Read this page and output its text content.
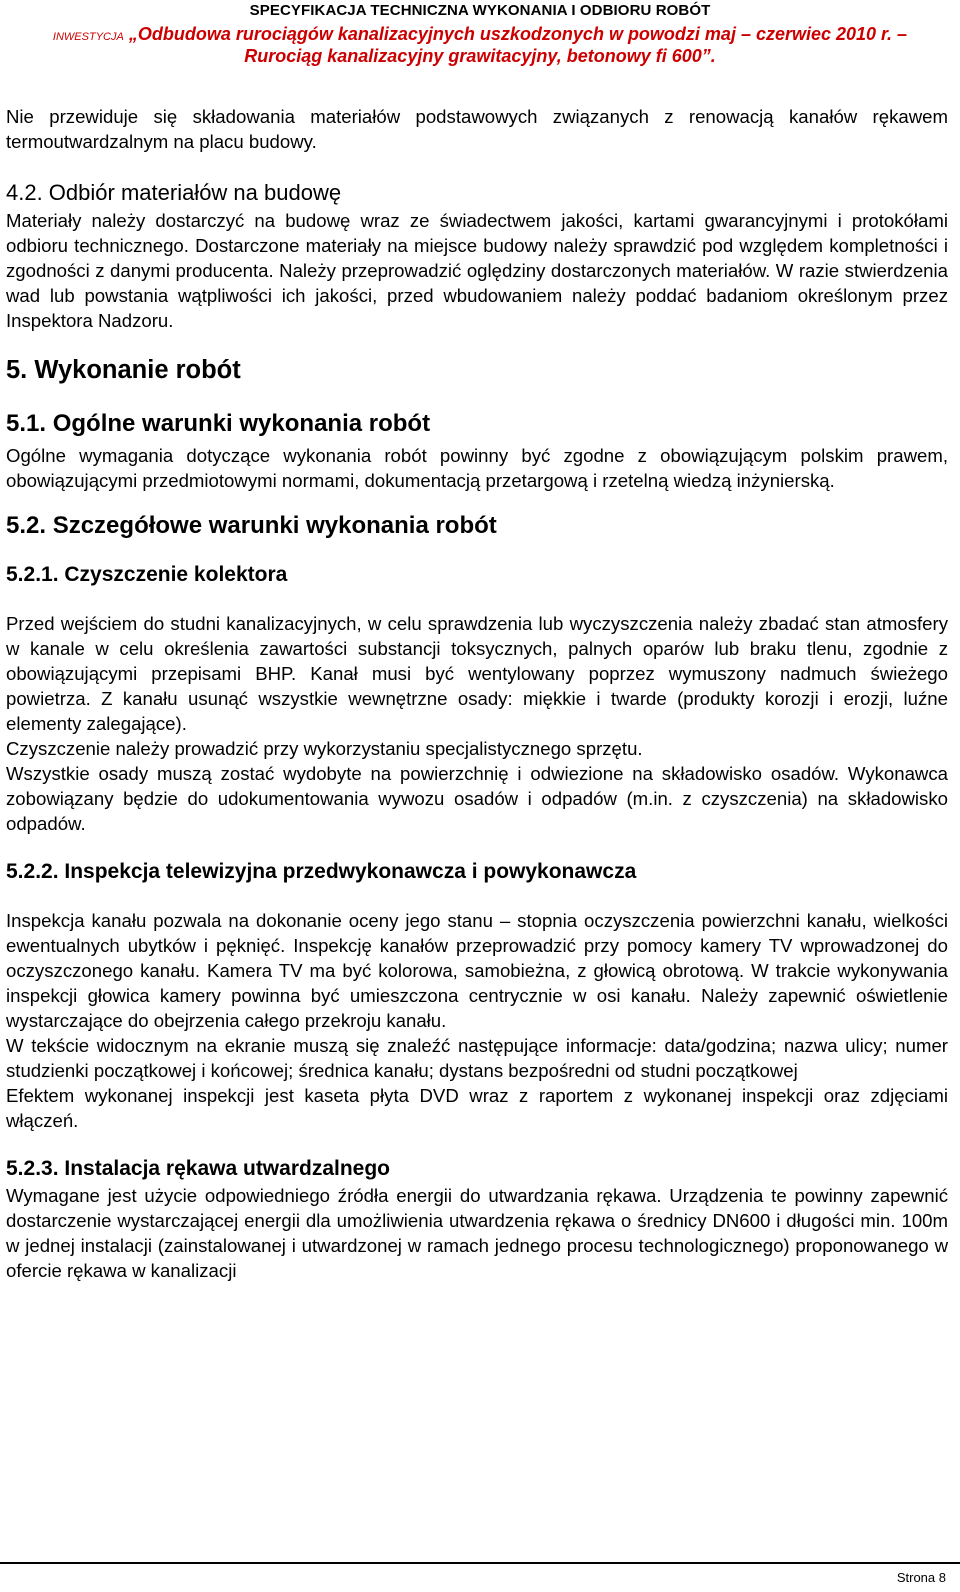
SPECYFIKACJA TECHNICZNA WYKONANIA I ODBIORU ROBÓT
INWESTYCJA „Odbudowa rurociągów kanalizacyjnych uszkodzonych w powodzi maj – czerwiec 2010 r. –
Rurociąg kanalizacyjny grawitacyjny, betonowy fi 600”.

Nie przewiduje się składowania materiałów podstawowych związanych z renowacją kanałów rękawem termoutwardzalnym na placu budowy.

4.2. Odbiór materiałów na budowę

Materiały należy dostarczyć na budowę wraz ze świadectwem jakości, kartami gwarancyjnymi i protokółami odbioru technicznego. Dostarczone materiały na miejsce budowy należy sprawdzić pod względem kompletności i zgodności z danymi producenta. Należy przeprowadzić oględziny dostarczonych materiałów. W razie stwierdzenia wad lub powstania wątpliwości ich jakości, przed wbudowaniem należy poddać badaniom określonym przez Inspektora Nadzoru.

5. Wykonanie robót
5.1. Ogólne warunki wykonania robót

Ogólne wymagania dotyczące wykonania robót powinny być zgodne z obowiązującym polskim prawem, obowiązującymi przedmiotowymi normami, dokumentacją przetargową i rzetelną wiedzą inżynierską.

5.2. Szczegółowe warunki wykonania robót
5.2.1. Czyszczenie kolektora

Przed wejściem do studni kanalizacyjnych, w celu sprawdzenia lub wyczyszczenia należy zbadać stan atmosfery w kanale w celu określenia zawartości substancji toksycznych, palnych oparów lub braku tlenu, zgodnie z obowiązującymi przepisami BHP. Kanał musi być wentylowany poprzez wymuszony nadmuch świeżego powietrza. Z kanału usunąć wszystkie wewnętrzne osady: miękkie i twarde (produkty korozji i erozji, luźne elementy zalegające).

Czyszczenie należy prowadzić przy wykorzystaniu specjalistycznego sprzętu.

Wszystkie osady muszą zostać wydobyte na powierzchnię i odwiezione na składowisko osadów. Wykonawca zobowiązany będzie do udokumentowania wywozu osadów i odpadów (m.in. z czyszczenia) na składowisko odpadów.

5.2.2. Inspekcja telewizyjna przedwykonawcza i powykonawcza

Inspekcja kanału pozwala na dokonanie oceny jego stanu – stopnia oczyszczenia powierzchni kanału, wielkości ewentualnych ubytków i pęknięć. Inspekcję kanałów przeprowadzić przy pomocy kamery TV wprowadzonej do oczyszczonego kanału. Kamera TV ma być kolorowa, samobieżna, z głowicą obrotową. W trakcie wykonywania inspekcji głowica kamery powinna być umieszczona centrycznie w osi kanału. Należy zapewnić oświetlenie wystarczające do obejrzenia całego przekroju kanału.

W tekście widocznym na ekranie muszą się znaleźć następujące informacje: data/godzina; nazwa ulicy; numer studzienki początkowej i końcowej; średnica kanału; dystans bezpośredni od studni początkowej

Efektem wykonanej inspekcji jest kaseta płyta DVD wraz z raportem z wykonanej inspekcji oraz zdjęciami włączeń.

5.2.3. Instalacja rękawa utwardzalnego

Wymagane jest użycie odpowiedniego źródła energii do utwardzania rękawa. Urządzenia te powinny zapewnić dostarczenie wystarczającej energii dla umożliwienia utwardzenia rękawa o średnicy DN600 i długości min. 100m w jednej instalacji (zainstalowanej i utwardzonej w ramach jednego procesu technologicznego) proponowanego w ofercie rękawa w kanalizacji

Strona 8
